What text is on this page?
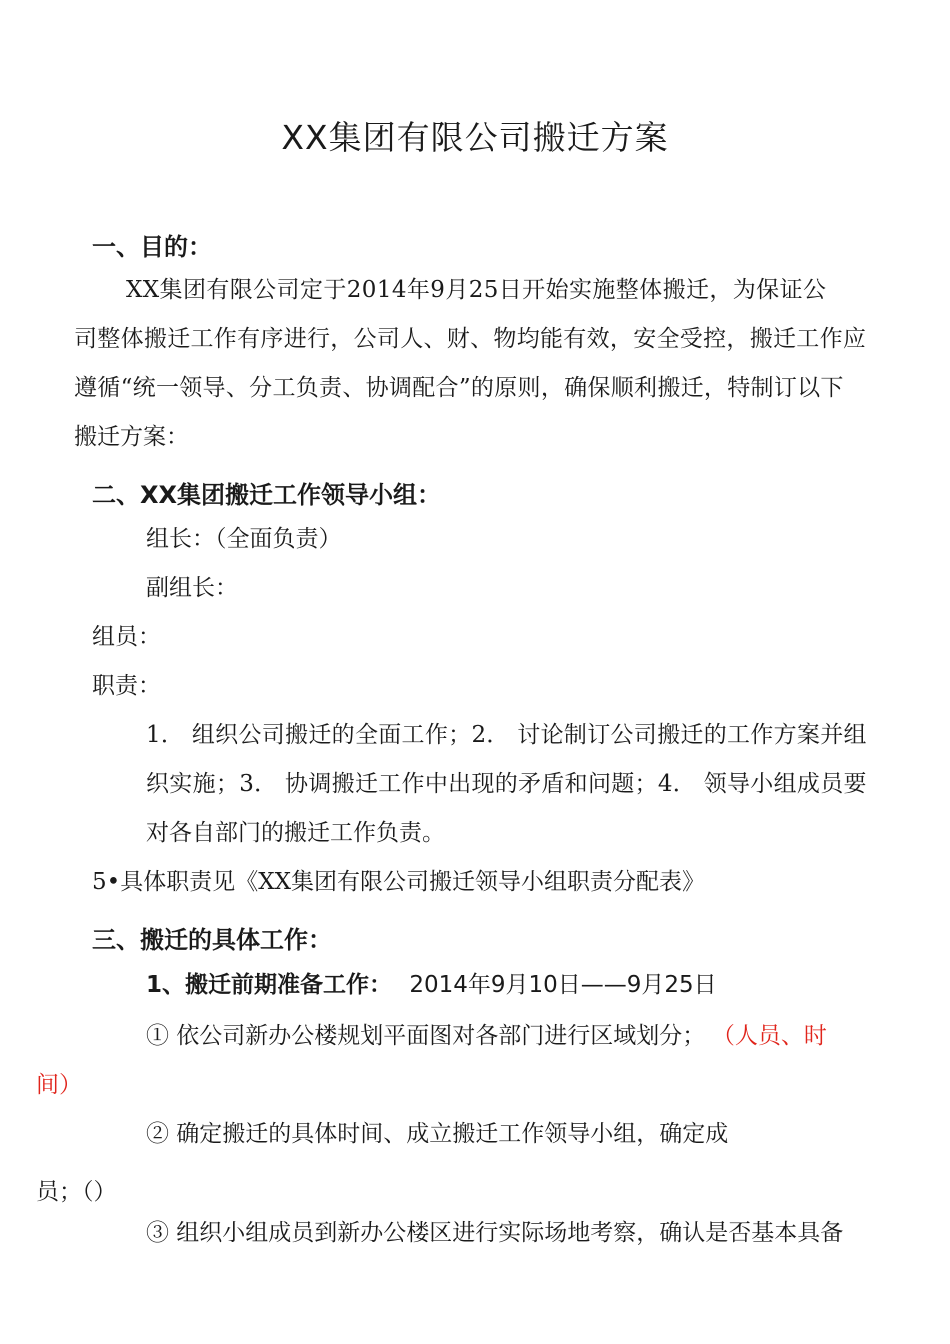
XX集团有限公司搬迁方案
一、目的：
XX集团有限公司定于2014年9月25日开始实施整体搬迁，为保证公
司整体搬迁工作有序进行，公司人、财、物均能有效，安全受控，搬迁工作应
遵循“统一领导、分工负责、协调配合”的原则，确保顺利搬迁，特制订以下
搬迁方案：
二、XX集团搬迁工作领导小组：
组长：（全面负责）
副组长：
组员：
职责：
1． 组织公司搬迁的全面工作；2． 讨论制订公司搬迁的工作方案并组
织实施；3． 协调搬迁工作中出现的矛盾和问题；4． 领导小组成员要
对各自部门的搬迁工作负责。
5•具体职责见《XX集团有限公司搬迁领导小组职责分配表》
三、搬迁的具体工作：
1、搬迁前期准备工作： 2014年9月10日——9月25日
① 依公司新办公楼规划平面图对各部门进行区域划分； （人员、时
间）
② 确定搬迁的具体时间、成立搬迁工作领导小组，确定成
员；（）
③ 组织小组成员到新办公楼区进行实际场地考察，确认是否基本具备
